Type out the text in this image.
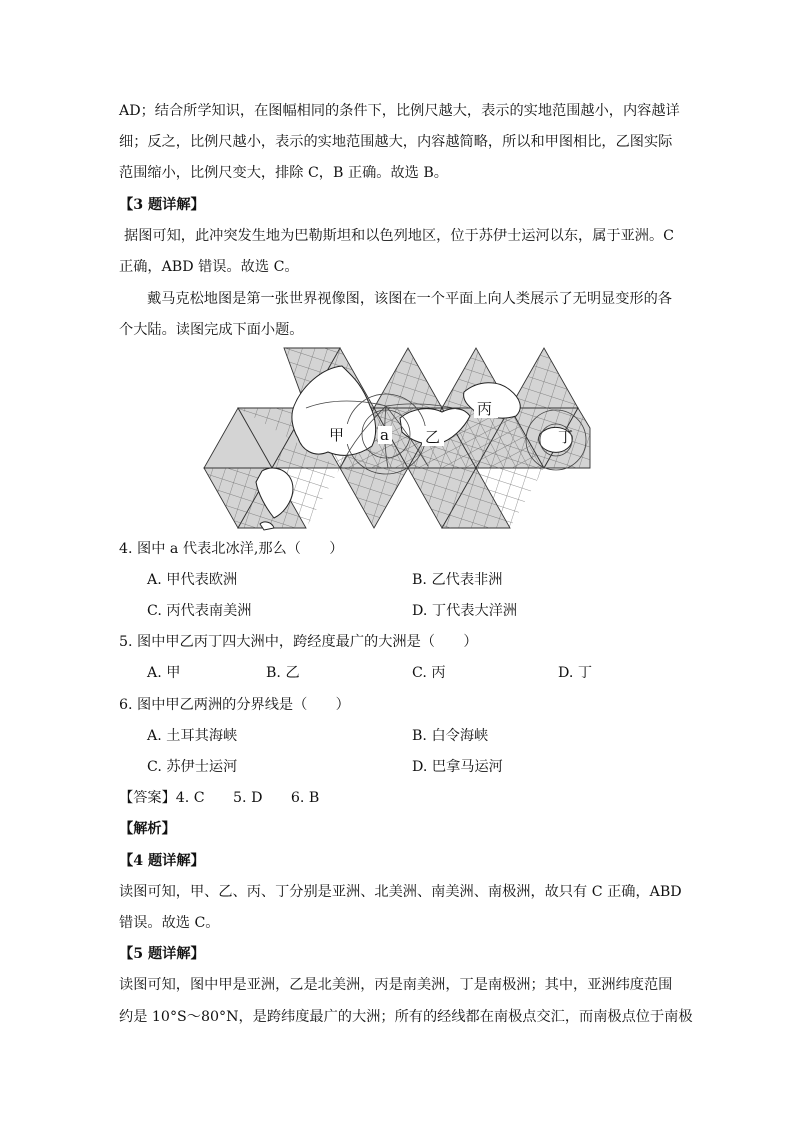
AD；结合所学知识，在图幅相同的条件下，比例尺越大，表示的实地范围越小，内容越详
细；反之，比例尺越小，表示的实地范围越大，内容越简略，所以和甲图相比，乙图实际
范围缩小，比例尺变大，排除 C，B 正确。故选 B。
【3 题详解】
据图可知，此冲突发生地为巴勒斯坦和以色列地区，位于苏伊士运河以东，属于亚洲。C
正确，ABD 错误。故选 C。
戴马克松地图是第一张世界视像图，该图在一个平面上向人类展示了无明显变形的各
个大陆。读图完成下面小题。
甲 a 乙
丙
丁
4. 图中 a 代表北冰洋,那么（　　）
A. 甲代表欧洲	B. 乙代表非洲
C. 丙代表南美洲	D. 丁代表大洋洲
5. 图中甲乙丙丁四大洲中，跨经度最广的大洲是（　　）
A. 甲	B. 乙	C. 丙	D. 丁
6. 图中甲乙两洲的分界线是（　　）
A. 土耳其海峡	B. 白令海峡
C. 苏伊士运河	D. 巴拿马运河
【答案】4. C　　5. D　　6. B
【解析】
【4 题详解】
读图可知，甲、乙、丙、丁分别是亚洲、北美洲、南美洲、南极洲，故只有 C 正确，ABD
错误。故选 C。
【5 题详解】
读图可知，图中甲是亚洲，乙是北美洲，丙是南美洲，丁是南极洲；其中，亚洲纬度范围
约是 10°S～80°N，是跨纬度最广的大洲；所有的经线都在南极点交汇，而南极点位于南极
